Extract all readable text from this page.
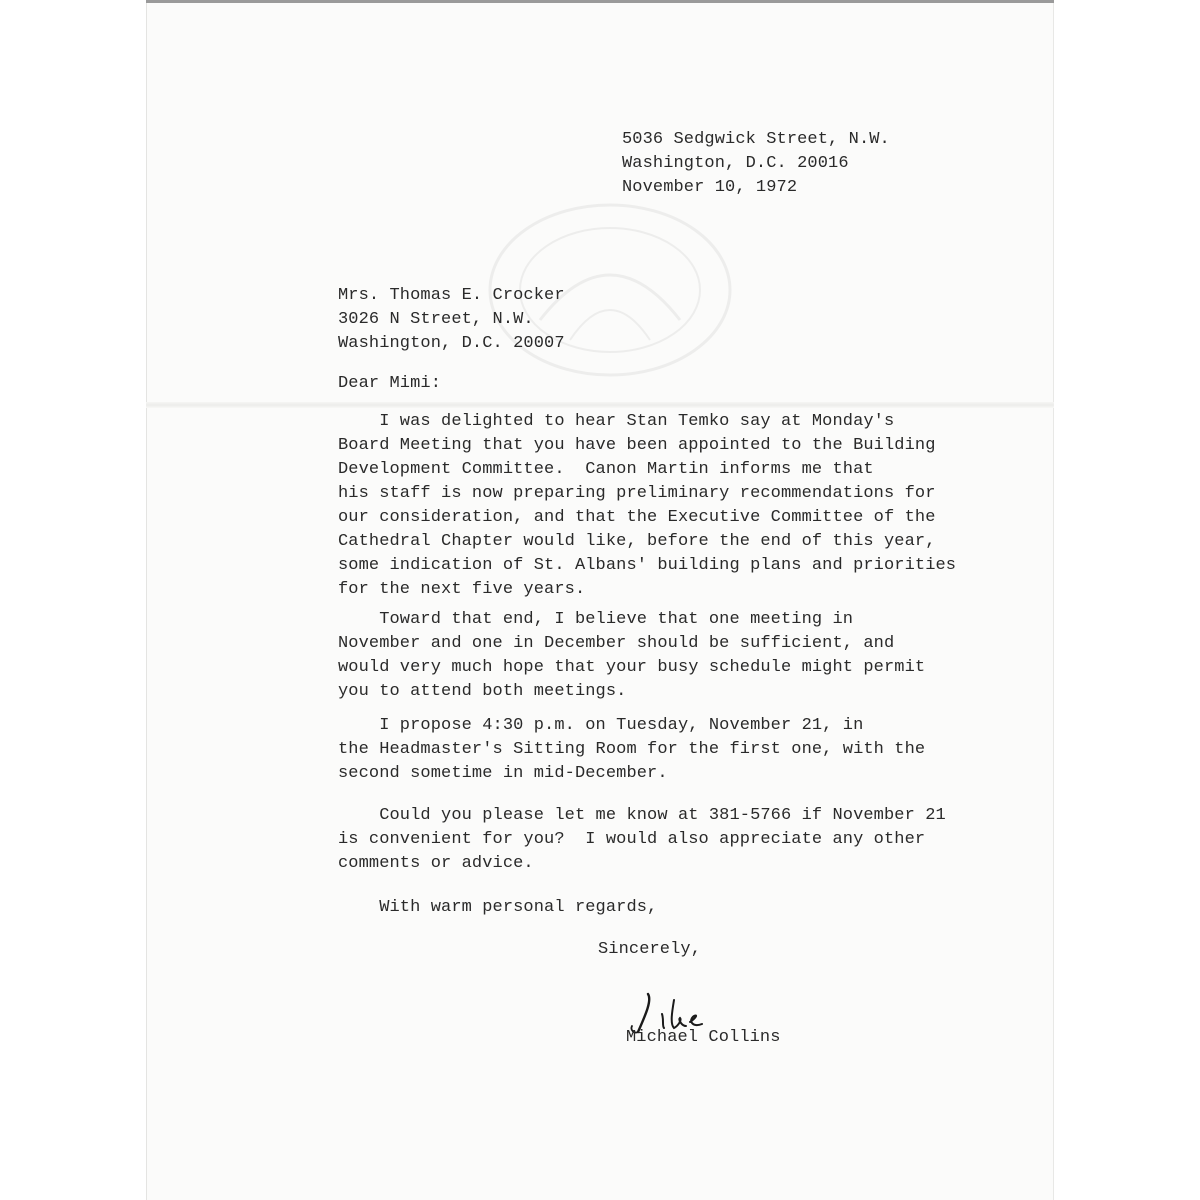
5036 Sedgwick Street, N.W.
Washington, D.C. 20016
November 10, 1972
Mrs. Thomas E. Crocker
3026 N Street, N.W.
Washington, D.C. 20007
Dear Mimi:
I was delighted to hear Stan Temko say at Monday's
Board Meeting that you have been appointed to the Building
Development Committee.  Canon Martin informs me that
his staff is now preparing preliminary recommendations for
our consideration, and that the Executive Committee of the
Cathedral Chapter would like, before the end of this year,
some indication of St. Albans' building plans and priorities
for the next five years.
Toward that end, I believe that one meeting in
November and one in December should be sufficient, and
would very much hope that your busy schedule might permit
you to attend both meetings.
I propose 4:30 p.m. on Tuesday, November 21, in
the Headmaster's Sitting Room for the first one, with the
second sometime in mid-December.
Could you please let me know at 381-5766 if November 21
is convenient for you?  I would also appreciate any other
comments or advice.
With warm personal regards,
Sincerely,
Michael Collins
